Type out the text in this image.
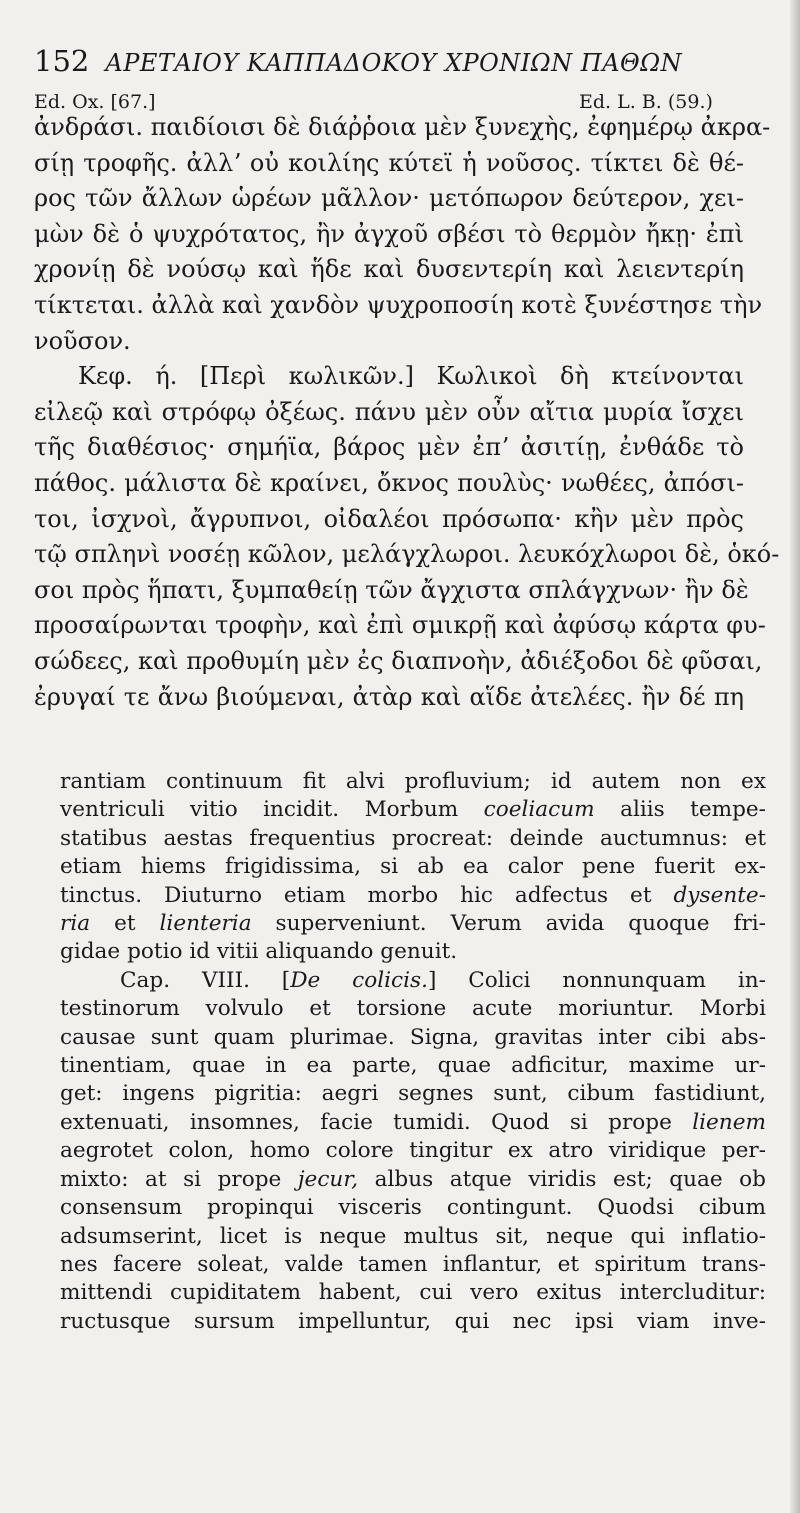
152 ΑΡΕΤΑΙΟΥ ΚΑΠΠΑΔΟΚΟΥ ΧΡΟΝΙΩΝ ΠΑΘΩΝ
Ed. Ox. [67.]	Ed. L. B. (59.)
ἀνδράσι. παιδίοισι δὲ διάῤῥοια μὲν ξυνεχὴς, ἐφημέρῳ ἀκρα-
σίῃ τροφῆς. ἀλλʼ οὐ κοιλίης κύτεϊ ἡ νοῦσος. τίκτει δὲ θέ-
ρος τῶν ἄλλων ὡρέων μᾶλλον· μετόπωρον δεύτερον, χει-
μὼν δὲ ὁ ψυχρότατος, ἢν ἀγχοῦ σβέσι τὸ θερμὸν ἤκῃ· ἐπὶ
χρονίῃ δὲ νούσῳ καὶ ἥδε καὶ δυσεντερίη καὶ λειεντερίη
τίκτεται. ἀλλὰ καὶ χανδὸν ψυχροποσίη κοτὲ ξυνέστησε τὴν
νοῦσον.
Κεφ. ή. [Περὶ κωλικῶν.] Κωλικοὶ δὴ κτείνονται
εἰλεῷ καὶ στρόφῳ ὀξέως. πάνυ μὲν οὖν αἴτια μυρία ἴσχει
τῆς διαθέσιος· σημήϊα, βάρος μὲν ἐπʼ ἀσιτίῃ, ἐνθάδε τὸ
πάθος. μάλιστα δὲ κραίνει, ὄκνος πουλὺς· νωθέες, ἀπόσι-
τοι, ἰσχνοὶ, ἄγρυπνοι, οἰδαλέοι πρόσωπα· κἢν μὲν πρὸς
τῷ σπληνὶ νοσέῃ κῶλον, μελάγχλωροι. λευκόχλωροι δὲ, ὁκό-
σοι πρὸς ἥπατι, ξυμπαθείῃ τῶν ἄγχιστα σπλάγχνων· ἢν δὲ
προσαίρωνται τροφὴν, καὶ ἐπὶ σμικρῇ καὶ ἀφύσῳ κάρτα φυ-
σώδεες, καὶ προθυμίη μὲν ἐς διαπνοὴν, ἀδιέξοδοι δὲ φῦσαι,
ἐρυγαί τε ἄνω βιούμεναι, ἀτὰρ καὶ αἵδε ἀτελέες. ἢν δέ πη
rantiam continuum fit alvi profluvium; id autem non ex
ventriculi vitio incidit. Morbum coeliacum aliis tempe-
statibus aestas frequentius procreat: deinde auctumnus: et
etiam hiems frigidissima, si ab ea calor pene fuerit ex-
tinctus. Diuturno etiam morbo hic adfectus et dysente-
ria et lienteria superveniunt. Verum avida quoque fri-
gidae potio id vitii aliquando genuit.
Cap. VIII. [De colicis.] Colici nonnunquam in-
testinorum volvulo et torsione acute moriuntur. Morbi
causae sunt quam plurimae. Signa, gravitas inter cibi abs-
tinentiam, quae in ea parte, quae adficitur, maxime ur-
get: ingens pigritia: aegri segnes sunt, cibum fastidiunt,
extenuati, insomnes, facie tumidi. Quod si prope lienem
aegrotet colon, homo colore tingitur ex atro viridique per-
mixto: at si prope jecur, albus atque viridis est; quae ob
consensum propinqui visceris contingunt. Quodsi cibum
adsumserint, licet is neque multus sit, neque qui inflatio-
nes facere soleat, valde tamen inflantur, et spiritum trans-
mittendi cupiditatem habent, cui vero exitus intercluditur:
ructusque sursum impelluntur, qui nec ipsi viam inve-
